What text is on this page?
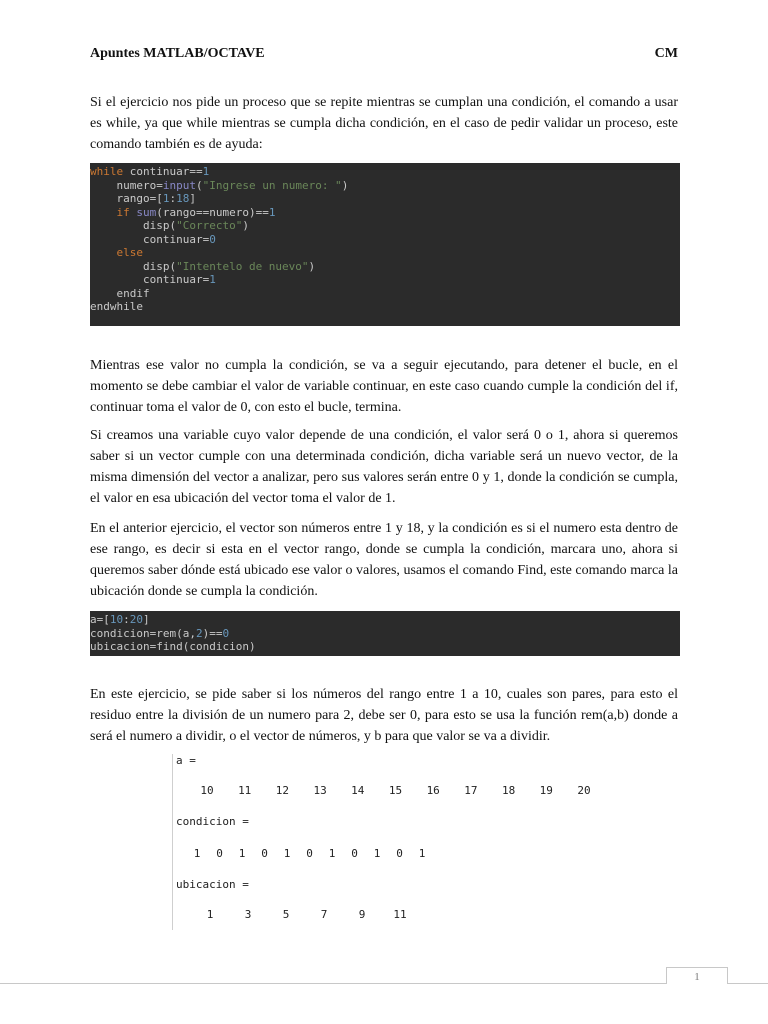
Apuntes MATLAB/OCTAVE	CM

Si el ejercicio nos pide un proceso que se repite mientras se cumplan una condición, el comando a usar es while, ya que while mientras se cumpla dicha condición, en el caso de pedir validar un proceso, este comando también es de ayuda:

while continuar==1
numero=input("Ingrese un numero: ")
rango=[1:18]
if sum(rango==numero)==1
disp("Correcto")
continuar=0
else
disp("Intentelo de nuevo")
continuar=1
endif
endwhile

Mientras ese valor no cumpla la condición, se va a seguir ejecutando, para detener el bucle, en el momento se debe cambiar el valor de variable continuar, en este caso cuando cumple la condición del if, continuar toma el valor de 0, con esto el bucle, termina.

Si creamos una variable cuyo valor depende de una condición, el valor será 0 o 1, ahora si queremos saber si un vector cumple con una determinada condición, dicha variable será un nuevo vector, de la misma dimensión del vector a analizar, pero sus valores serán entre 0 y 1, donde la condición se cumpla, el valor en esa ubicación del vector toma el valor de 1.

En el anterior ejercicio, el vector son números entre 1 y 18, y la condición es si el numero esta dentro de ese rango, es decir si esta en el vector rango, donde se cumpla la condición, marcara uno, ahora si queremos saber dónde está ubicado ese valor o valores, usamos el comando Find, este comando marca la ubicación donde se cumpla la condición.

a=[10:20]
condicion=rem(a,2)==0
ubicacion=find(condicion)

En este ejercicio, se pide saber si los números del rango entre 1 a 10, cuales son pares, para esto el residuo entre la división de un numero para 2, debe ser 0, para esto se usa la función rem(a,b) donde a será el numero a dividir, o el vector de números, y b para que valor se va a dividir.

a =
10	11	12	13	14	15	16	17	18	19	20
condicion =
1	0	1	0	1	0	1	0	1	0	1
ubicacion =
1	3	5	7	9	11
1
